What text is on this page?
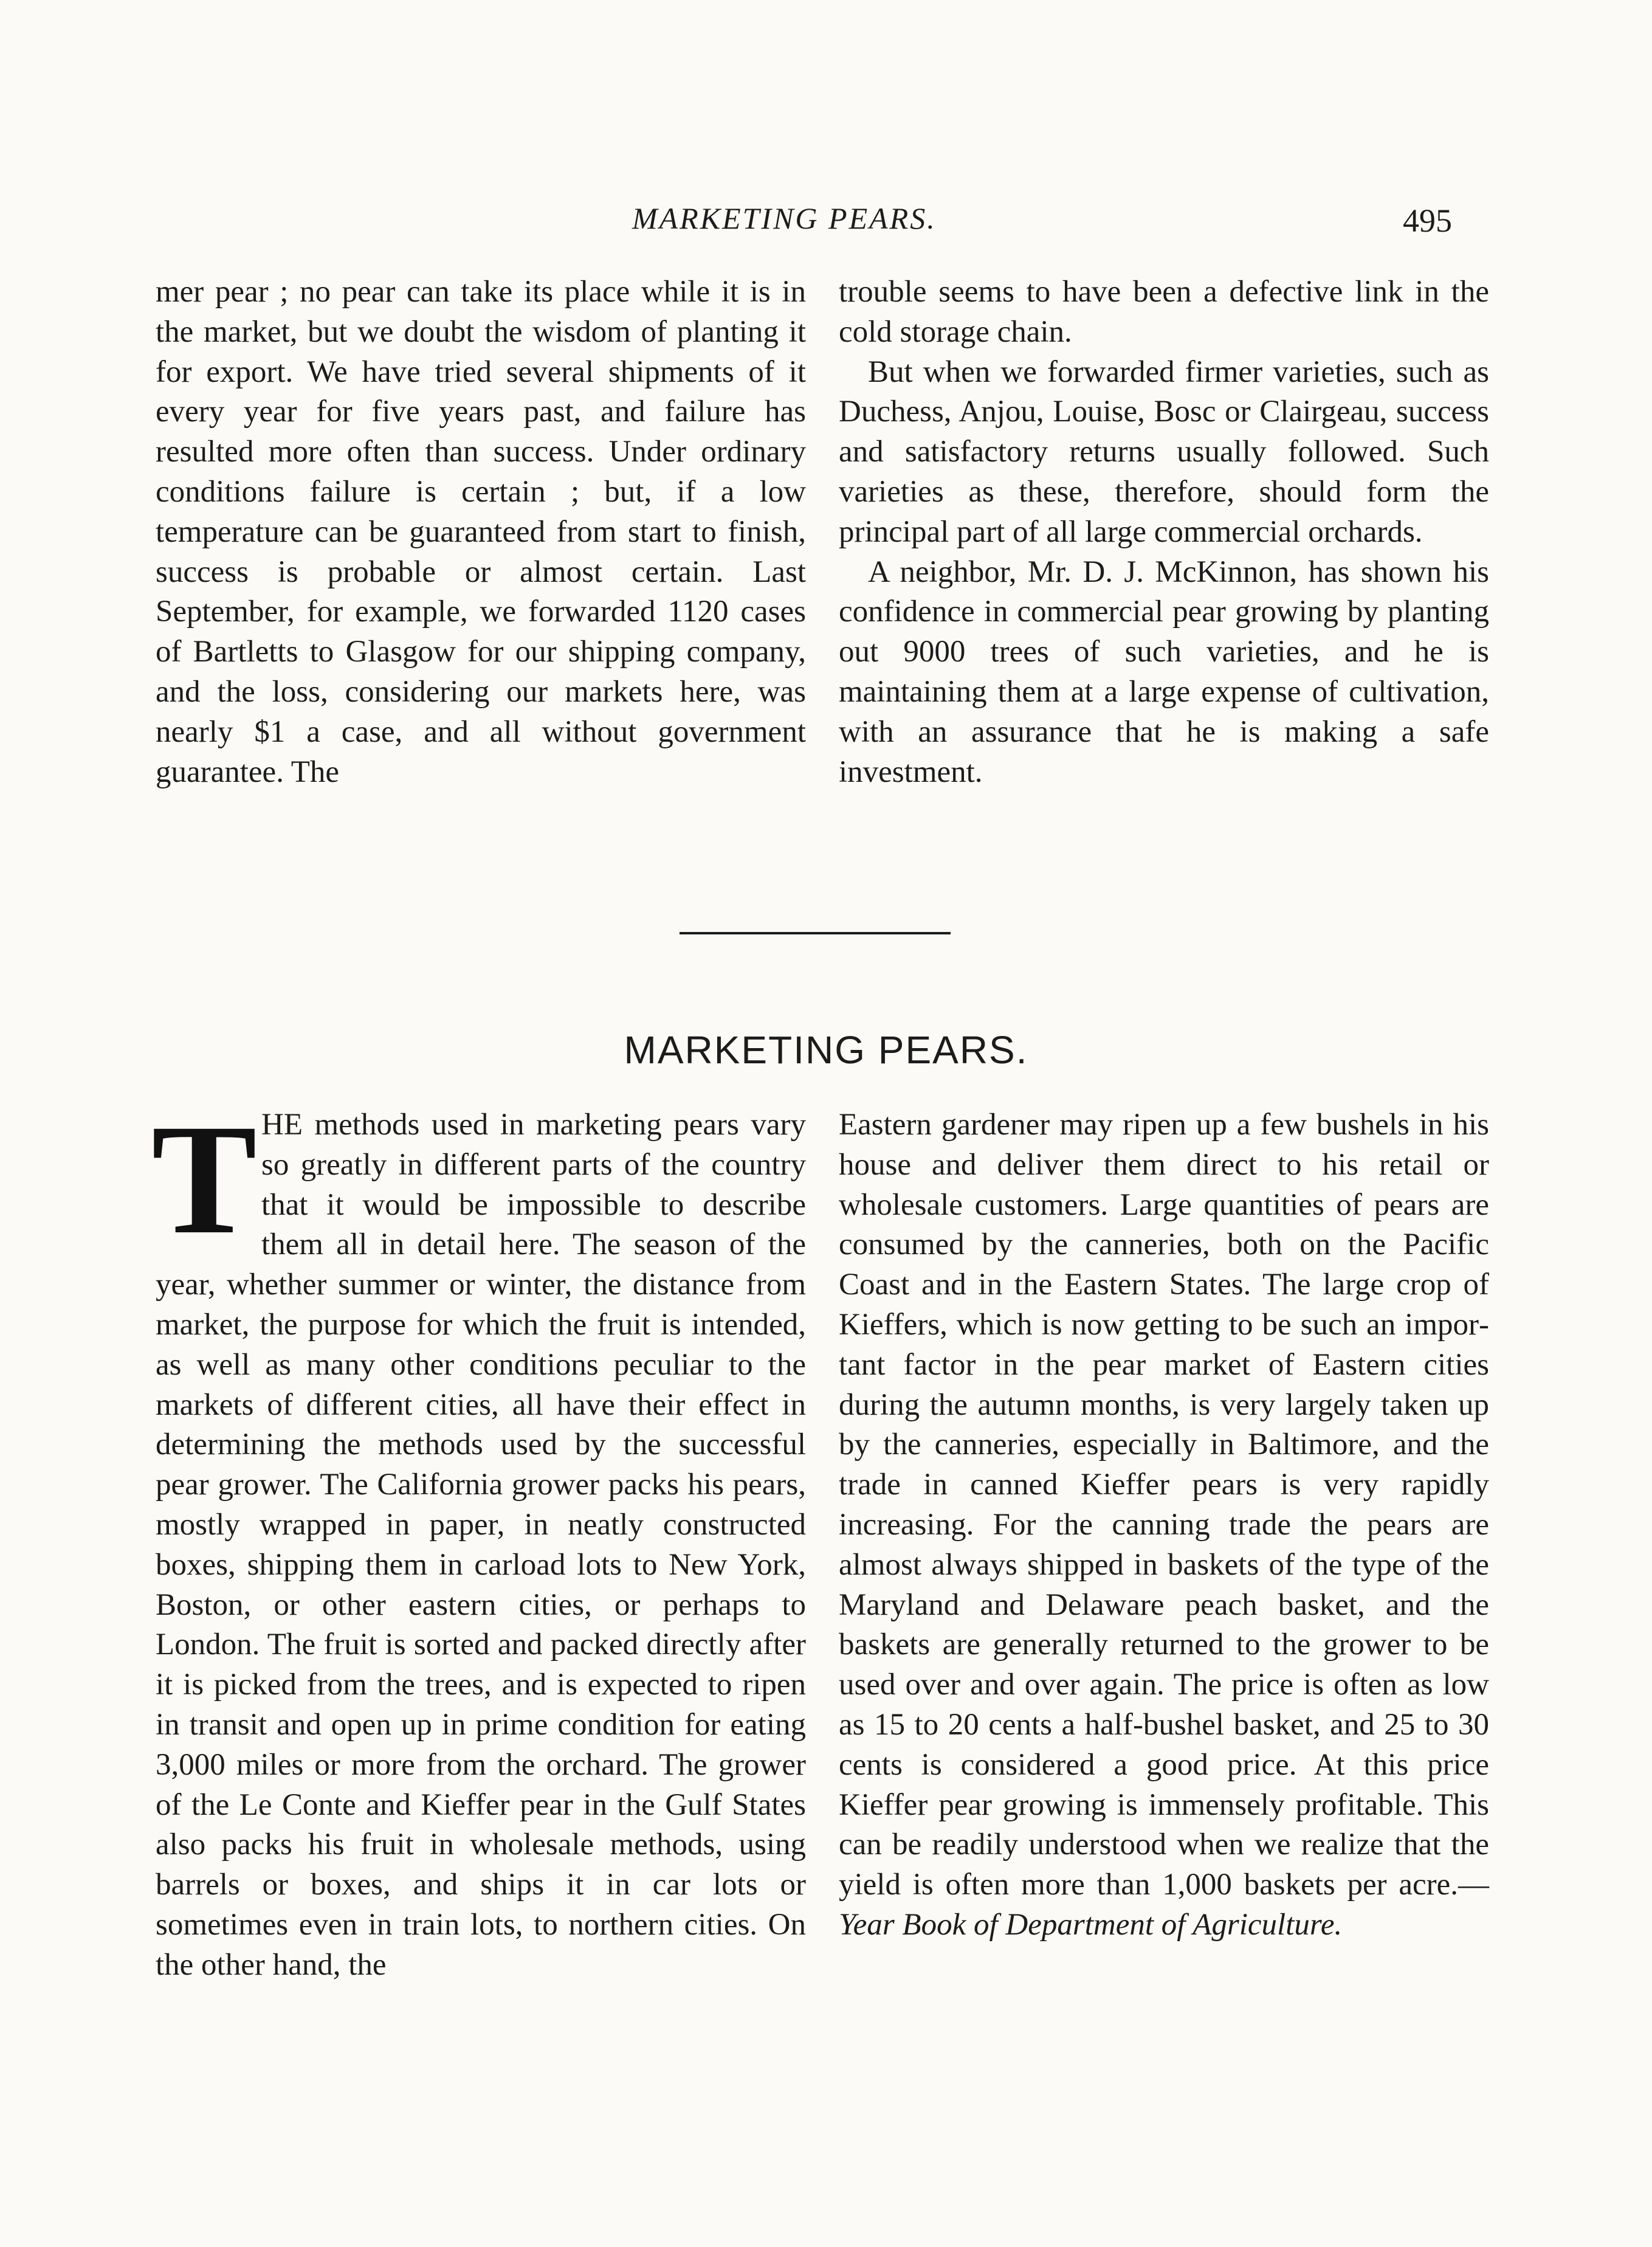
MARKETING PEARS.	495

mer pear ; no pear can take its place while it is in the market, but we doubt the wisdom of planting it for export. We have tried several shipments of it every year for five years past, and failure has resulted more often than success. Under ordinary conditions failure is certain ; but, if a low temperature can be guaranteed from start to finish, success is probable or almost certain. Last September, for example, we forwarded 1120 cases of Bartletts to Glasgow for our shipping company, and the loss, considering our markets here, was nearly $1 a case, and all without government guarantee. The

trouble seems to have been a defective link in the cold storage chain.

But when we forwarded firmer varieties, such as Duchess, Anjou, Louise, Bosc or Clairgeau, success and satisfactory returns usually followed. Such varieties as these, therefore, should form the principal part of all large commercial orchards.

A neighbor, Mr. D. J. McKinnon, has shown his confidence in commercial pear growing by planting out 9000 trees of such varieties, and he is maintaining them at a large expense of cultivation, with an assurance that he is making a safe investment.

MARKETING PEARS.
T HE methods used in marketing pears vary so greatly in different parts of the country that it would be impossible to describe them all in detail here. The season of the year, whether summer or winter, the distance from market, the purpose for which the fruit is intended, as well as many other conditions peculiar to the markets of different cities, all have their effect in determining the methods used by the successful pear grower. The California grower packs his pears, mostly wrapped in paper, in neatly constructed boxes, shipping them in carload lots to New York, Boston, or other eastern cities, or perhaps to London. The fruit is sorted and packed directly after it is picked from the trees, and is expected to ripen in transit and open up in prime condition for eating 3,000 miles or more from the orchard. The grower of the Le Conte and Kieffer pear in the Gulf States also packs his fruit in wholesale methods, using barrels or boxes, and ships it in car lots or sometimes even in train lots, to northern cities. On the other hand, the

Eastern gardener may ripen up a few bushels in his house and deliver them direct to his retail or wholesale customers. Large quantities of pears are consumed by the canneries, both on the Pacific Coast and in the Eastern States. The large crop of Kieffers, which is now getting to be such an important factor in the pear market of Eastern cities during the autumn months, is very largely taken up by the canneries, especially in Baltimore, and the trade in canned Kieffer pears is very rapidly increasing. For the canning trade the pears are almost always shipped in baskets of the type of the Maryland and Delaware peach basket, and the baskets are generally returned to the grower to be used over and over again. The price is often as low as 15 to 20 cents a half-bushel basket, and 25 to 30 cents is considered a good price. At this price Kieffer pear growing is immensely profitable. This can be readily understood when we realize that the yield is often more than 1,000 baskets per acre.—Year Book of Department of Agriculture.
